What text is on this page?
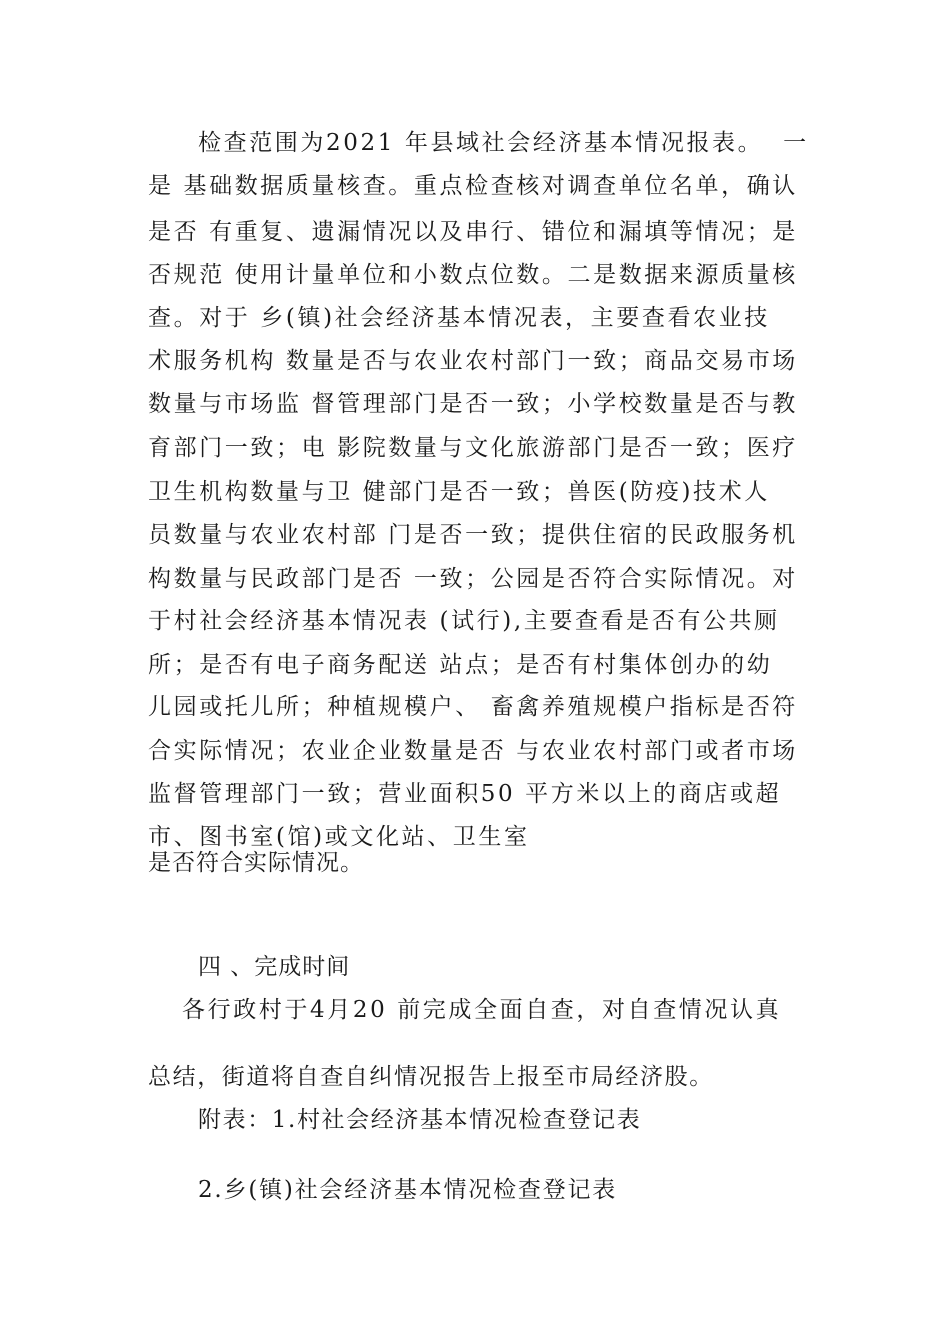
检查范围为2021 年县域社会经济基本情况报表。  一
是 基础数据质量核查。重点检查核对调查单位名单，确认
是否 有重复、遗漏情况以及串行、错位和漏填等情况；是
否规范 使用计量单位和小数点位数。二是数据来源质量核
查。对于 乡(镇)社会经济基本情况表，主要查看农业技
术服务机构 数量是否与农业农村部门一致；商品交易市场
数量与市场监 督管理部门是否一致；小学校数量是否与教
育部门一致；电 影院数量与文化旅游部门是否一致；医疗
卫生机构数量与卫 健部门是否一致；兽医(防疫)技术人
员数量与农业农村部 门是否一致；提供住宿的民政服务机
构数量与民政部门是否 一致；公园是否符合实际情况。对
于村社会经济基本情况表 (试行),主要查看是否有公共厕
所；是否有电子商务配送 站点；是否有村集体创办的幼
儿园或托儿所；种植规模户、 畜禽养殖规模户指标是否符
合实际情况；农业企业数量是否 与农业农村部门或者市场
监督管理部门一致；营业面积50 平方米以上的商店或超
市、图书室(馆)或文化站、卫生室
是否符合实际情况。
四 、完成时间
各行政村于4月20 前完成全面自查，对自查情况认真
总结，街道将自查自纠情况报告上报至市局经济股。
附表：1.村社会经济基本情况检查登记表
2.乡(镇)社会经济基本情况检查登记表
